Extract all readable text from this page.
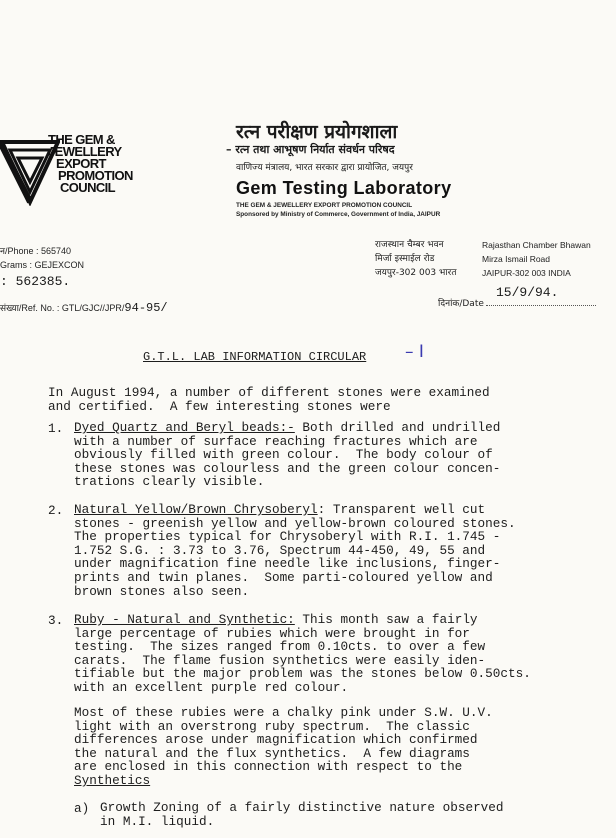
THE GEM &
JEWELLERY
EXPORT
PROMOTION
COUNCIL
रत्न परीक्षण प्रयोगशाला
– रत्न तथा आभूषण निर्यात संवर्धन परिषद
वाणिज्य मंत्रालय, भारत सरकार द्वारा प्रायोजित, जयपुर
Gem Testing Laboratory
THE GEM & JEWELLERY EXPORT PROMOTION COUNCIL
Sponsored by Ministry of Commerce, Government of India, JAIPUR
न/Phone : 565740
Grams : GEJEXCON
: 562385.
राजस्थान चैम्बर भवन
मिर्जा इस्माईल रोड
जयपुर-302 003 भारत
Rajasthan Chamber Bhawan
Mirza Ismail Road
JAIPUR-302 003 INDIA
संख्या/Ref. No. : GTL/GJC//JPR/94-95/
15/9/94.
दिनांक/Date
G.T.L. LAB INFORMATION CIRCULAR – I
In August 1994, a number of different stones were examined
and certified.  A few interesting stones were
1. Dyed Quartz and Beryl beads:- Both drilled and undrilled
with a number of surface reaching fractures which are
obviously filled with green colour.  The body colour of
these stones was colourless and the green colour concen-
trations clearly visible.
2. Natural Yellow/Brown Chrysoberyl: Transparent well cut
stones - greenish yellow and yellow-brown coloured stones.
The properties typical for Chrysoberyl with R.I. 1.745 -
1.752 S.G. : 3.73 to 3.76, Spectrum 44-450, 49, 55 and
under magnification fine needle like inclusions, finger-
prints and twin planes.  Some parti-coloured yellow and
brown stones also seen.
3. Ruby - Natural and Synthetic: This month saw a fairly
large percentage of rubies which were brought in for
testing.  The sizes ranged from 0.10cts. to over a few
carats.  The flame fusion synthetics were easily iden-
tifiable but the major problem was the stones below 0.50cts.
with an excellent purple red colour.
Most of these rubies were a chalky pink under S.W. U.V.
light with an overstrong ruby spectrum.  The classic
differences arose under magnification which confirmed
the natural and the flux synthetics.  A few diagrams
are enclosed in this connection with respect to the
Synthetics
a) Growth Zoning of a fairly distinctive nature observed
in M.I. liquid.
